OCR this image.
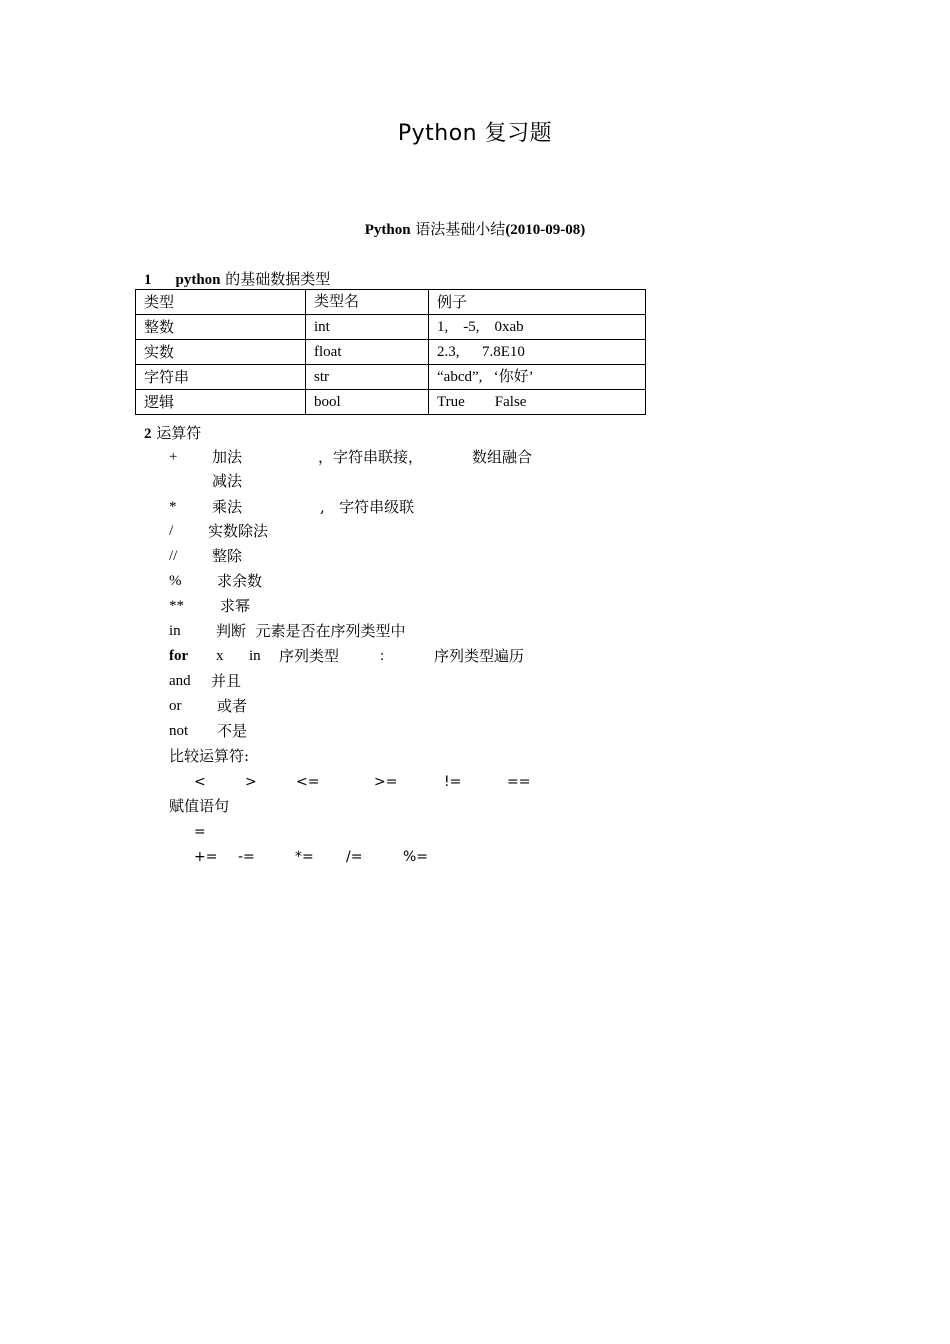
Python 复习题
Python 语法基础小结(2010-09-08)
1 python 的基础数据类型
类型	类型名	例子
整数	int	1,    -5,    0xab
实数	float	2.3,      7.8E10
字符串	str	“abcd”,   ‘你好’
逻辑	bool	True        False
2 运算符
+ 加法	，字符串联接，	数组融合
减法
* 乘法	,   字符串级联
/ 实数除法
// 整除
% 求余数
** 求幂
in 判断  元素是否在序列类型中
for x in 序列类型	:	序列类型遍历
and 并且
or 或者
not 不是
比较运算符:
<	>	<=	>=	!=	==
赋值语句
=
+= -=	*= /=	%=
